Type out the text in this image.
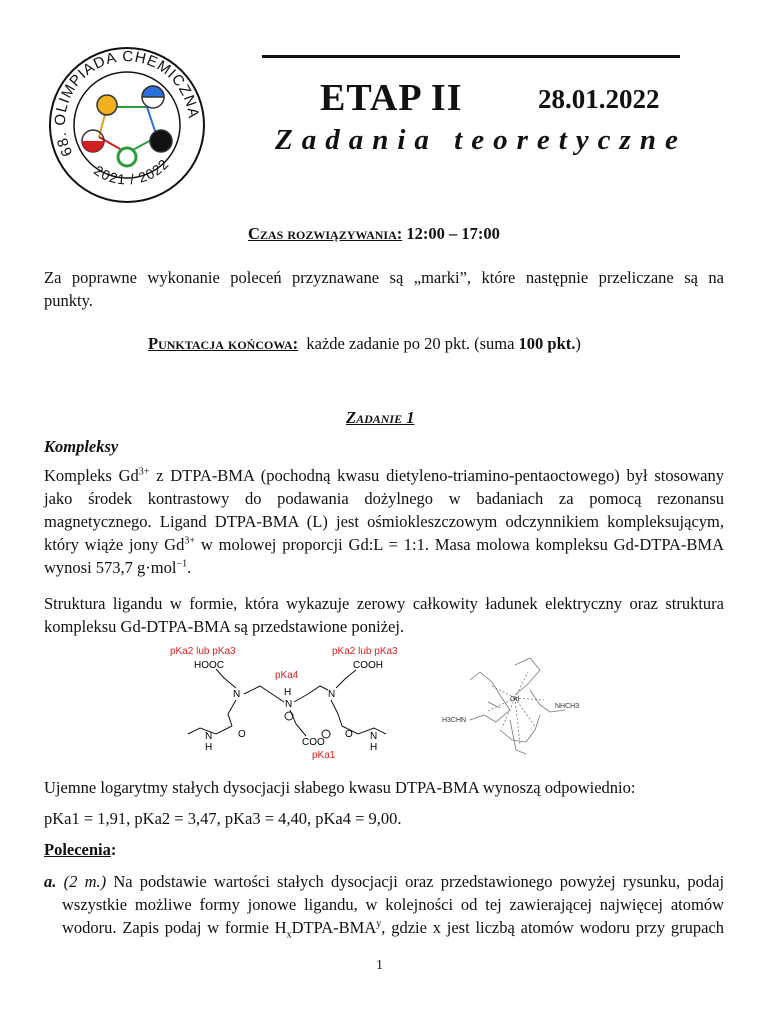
68. OLIMPIADA CHEMICZNA
2021 / 2022
ETAP II	28.01.2022
Zadania teoretyczne
Czas rozwiązywania: 12:00 – 17:00
Za poprawne wykonanie poleceń przyznawane są „marki”, które następnie przeliczane są na
punkty.
Punktacja końcowa: każde zadanie po 20 pkt. (suma 100 pkt.)
Zadanie 1
Kompleksy
Kompleks $Gd^{3+}$ z DTPA-BMA (pochodną kwasu dietyleno-triamino-pentaoctowego) był stosowany
jako środek kontrastowy do podawania dożylnego w badaniach za pomocą rezonansu
magnetycznego. Ligand DTPA-BMA (L) jest ośmiokleszczowym odczynnikiem kompleksującym,
który wiąże jony $Gd^{3+}$ w molowej proporcji Gd:L = 1:1. Masa molowa kompleksu Gd-DTPA-BMA
wynosi 573,7 g·mol$^{-1}$.
Struktura ligandu w formie, która wykazuje zerowy całkowity ładunek elektryczny oraz struktura
kompleksu Gd-DTPA-BMA są przedstawione poniżej.
pKa2 lub pKa3	pKa2 lub pKa3
pKa4
pKa1
HOOC	COOH
N	N
H
N
N
H
N
H
O	O
COO
Gd
H3CHN
NHCH3
Ujemne logarytmy stałych dysocjacji słabego kwasu DTPA-BMA wynoszą odpowiednio:
pKa1 = 1,91, pKa2 = 3,47, pKa3 = 4,40, pKa4 = 9,00.
Polecenia:
a. (2 m.) Na podstawie wartości stałych dysocjacji oraz przedstawionego powyżej rysunku, podaj
wszystkie możliwe formy jonowe ligandu, w kolejności od tej zawierającej najwięcej atomów
wodoru. Zapis podaj w formie $H_xDTPA-BMA^y$, gdzie x jest liczbą atomów wodoru przy grupach
1
